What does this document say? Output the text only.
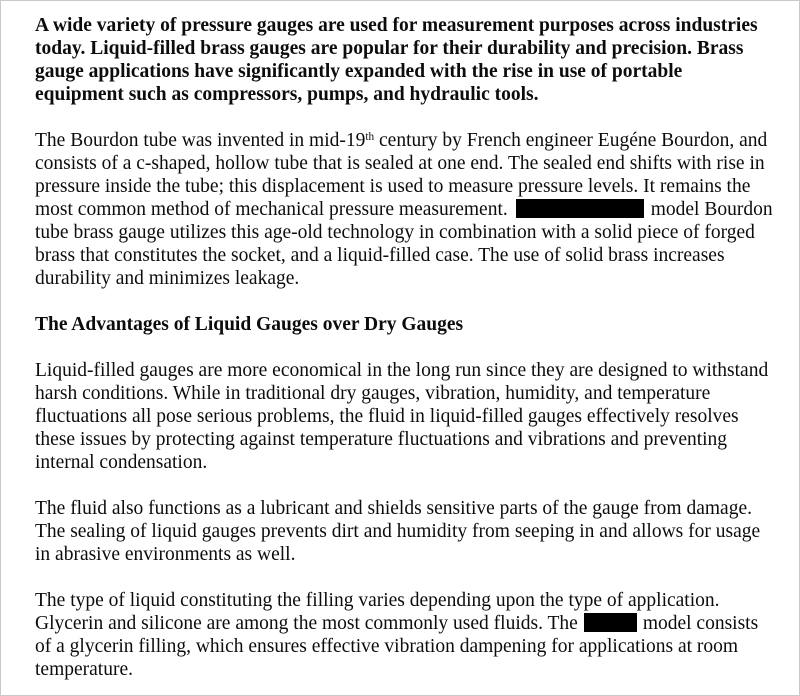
A wide variety of pressure gauges are used for measurement purposes across industries
today. Liquid-filled brass gauges are popular for their durability and precision. Brass
gauge applications have significantly expanded with the rise in use of portable
equipment such as compressors, pumps, and hydraulic tools.

The Bourdon tube was invented in mid-19th century by French engineer Eugéne Bourdon, and
consists of a c-shaped, hollow tube that is sealed at one end. The sealed end shifts with rise in
pressure inside the tube; this displacement is used to measure pressure levels. It remains the
most common method of mechanical pressure measurement.	model Bourdon
tube brass gauge utilizes this age-old technology in combination with a solid piece of forged
brass that constitutes the socket, and a liquid-filled case. The use of solid brass increases
durability and minimizes leakage.

The Advantages of Liquid Gauges over Dry Gauges

Liquid-filled gauges are more economical in the long run since they are designed to withstand
harsh conditions. While in traditional dry gauges, vibration, humidity, and temperature
fluctuations all pose serious problems, the fluid in liquid-filled gauges effectively resolves
these issues by protecting against temperature fluctuations and vibrations and preventing
internal condensation.

The fluid also functions as a lubricant and shields sensitive parts of the gauge from damage.
The sealing of liquid gauges prevents dirt and humidity from seeping in and allows for usage
in abrasive environments as well.

The type of liquid constituting the filling varies depending upon the type of application.
Glycerin and silicone are among the most commonly used fluids. The	model consists
of a glycerin filling, which ensures effective vibration dampening for applications at room
temperature.
